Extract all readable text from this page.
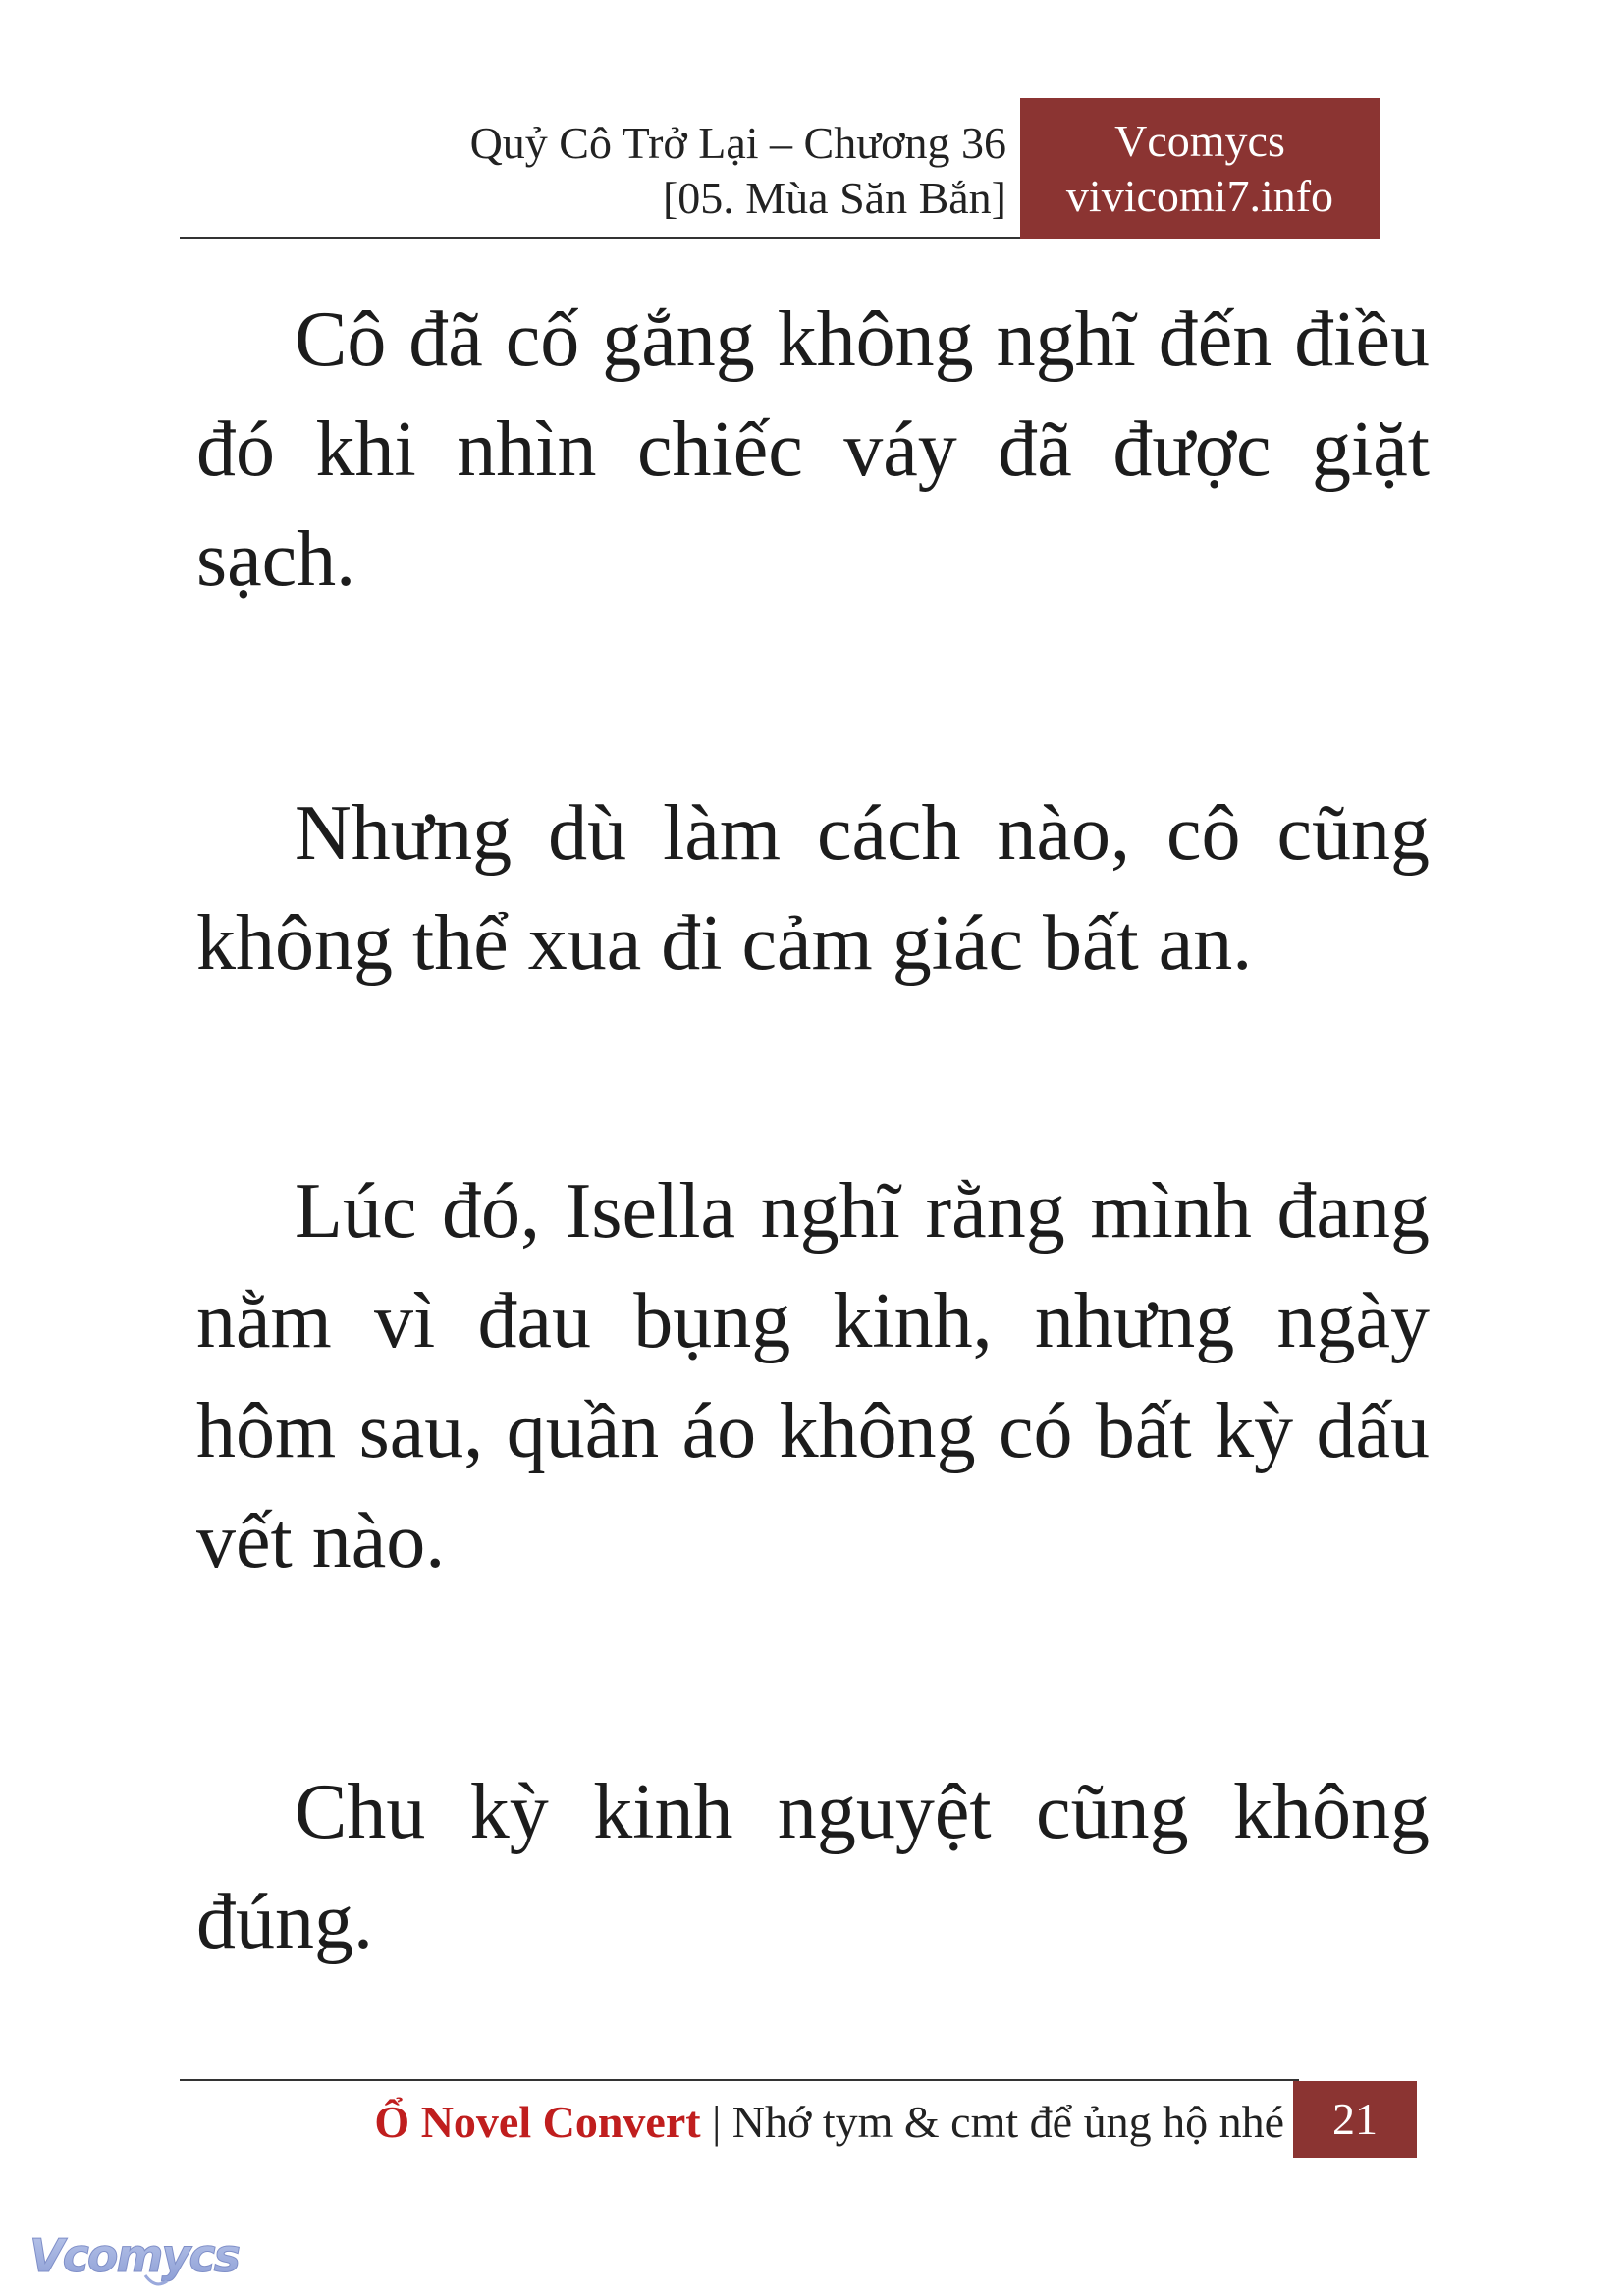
Quỷ Cô Trở Lại – Chương 36
[05. Mùa Săn Bắn]
Vcomycs
vivicomi7.info

Cô đã cố gắng không nghĩ đến điều đó khi nhìn chiếc váy đã được giặt sạch.

Nhưng dù làm cách nào, cô cũng không thể xua đi cảm giác bất an.

Lúc đó, Isella nghĩ rằng mình đang nằm vì đau bụng kinh, nhưng ngày hôm sau, quần áo không có bất kỳ dấu vết nào.

Chu kỳ kinh nguyệt cũng không đúng.

Ổ Novel Convert | Nhớ tym & cmt để ủng hộ nhé	21
Vcomycs
